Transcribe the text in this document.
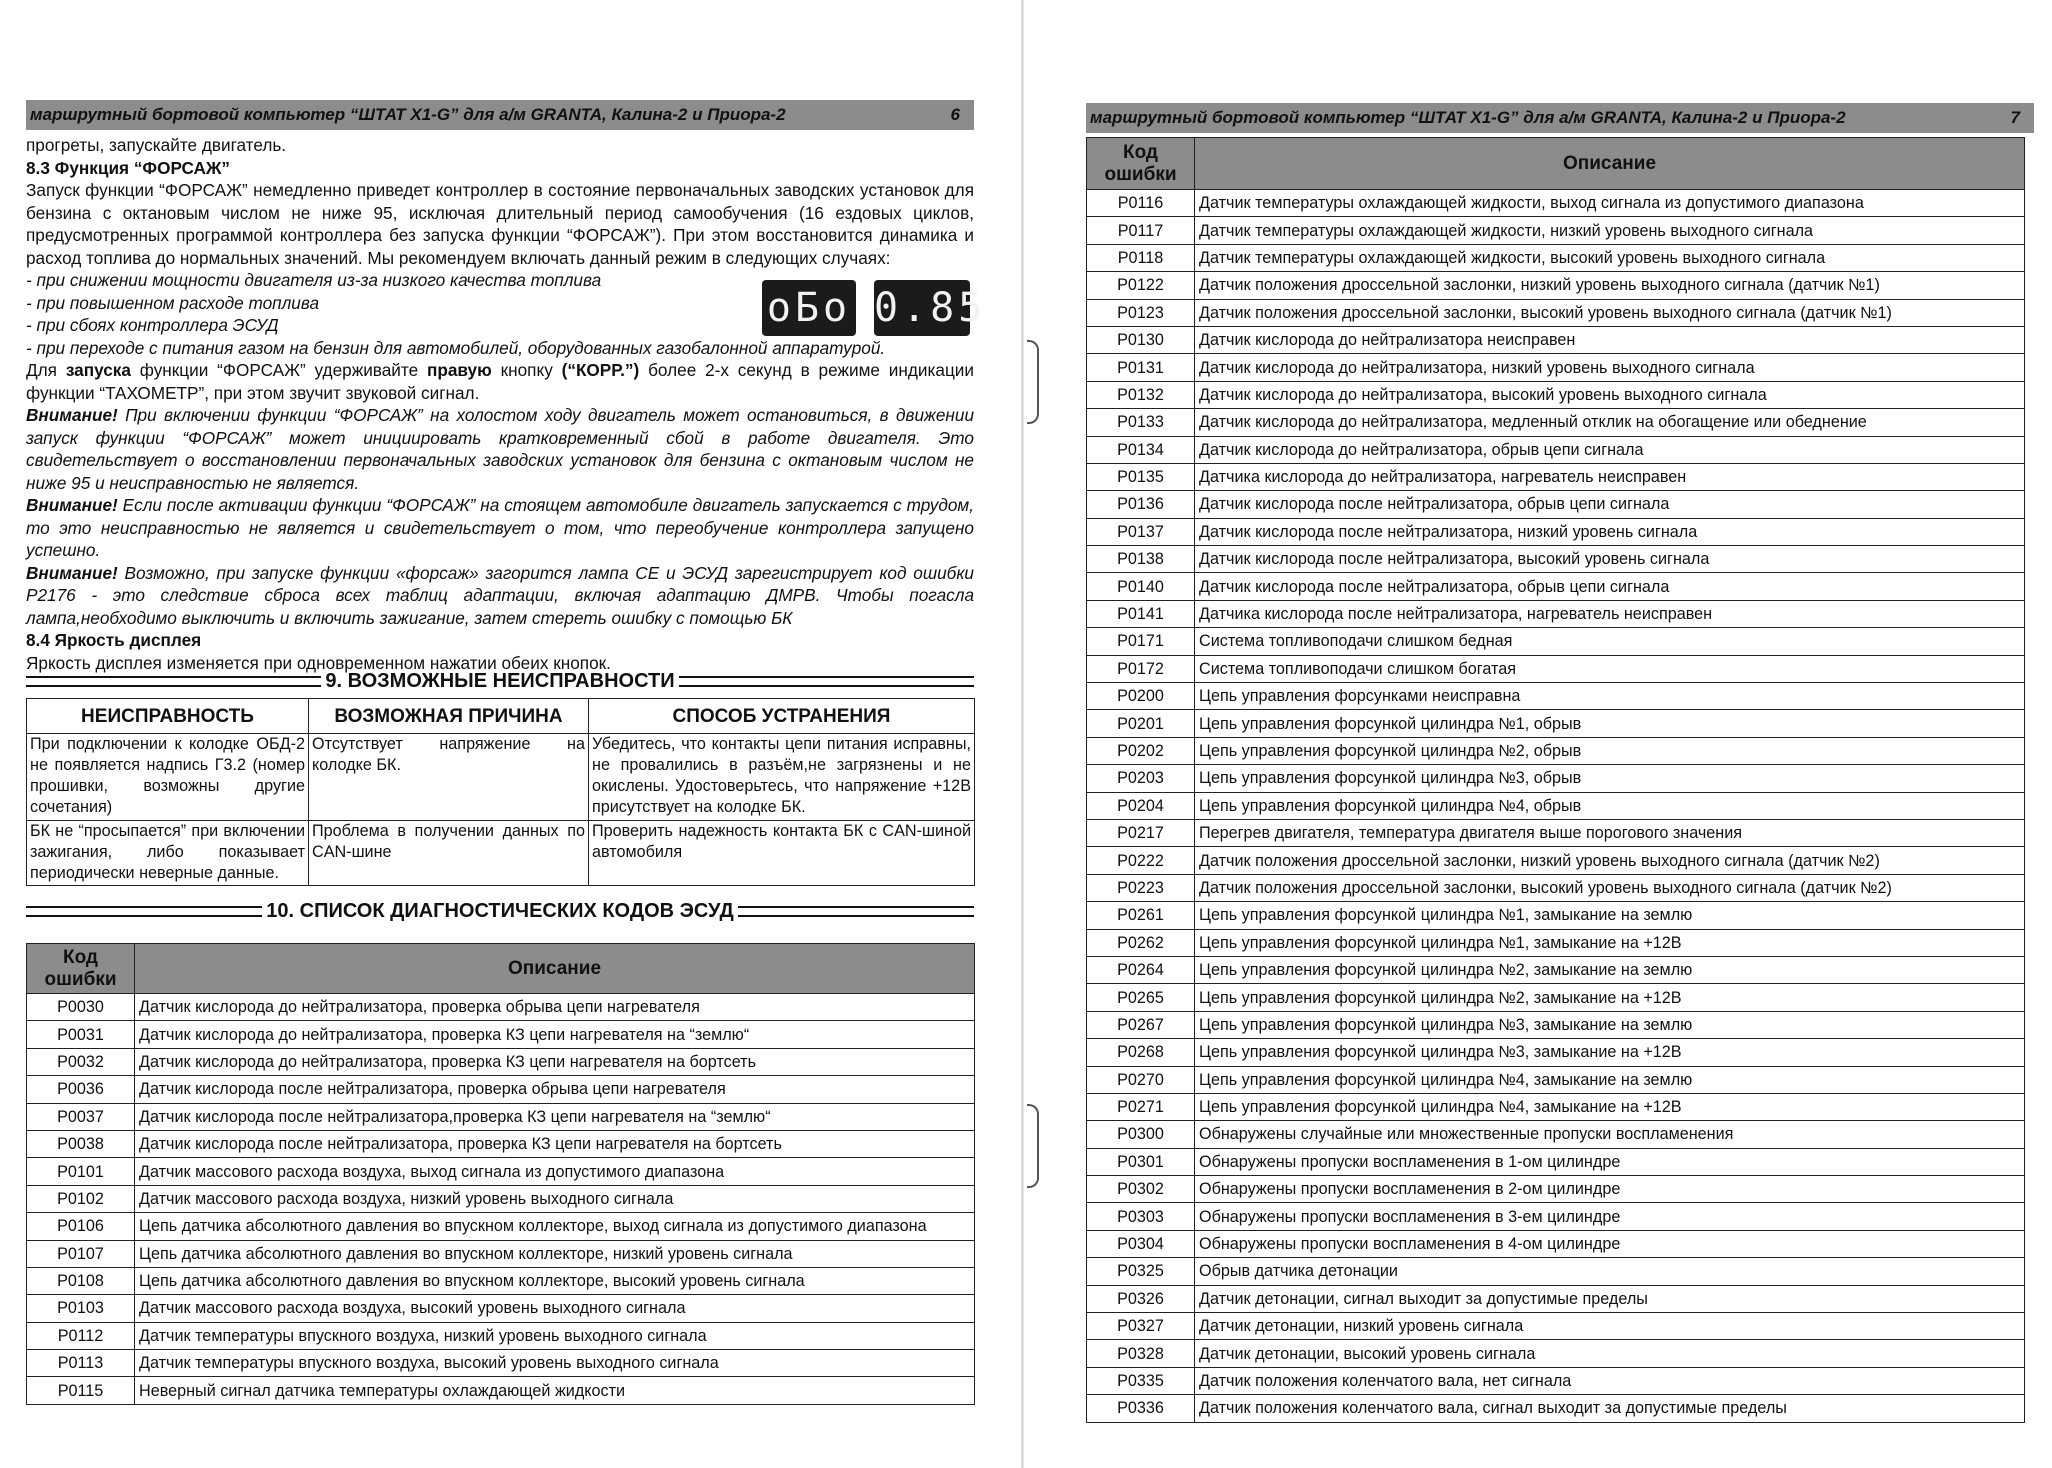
маршрутный бортовой компьютер “ШТАТ Х1-G” для а/м GRANTA, Калина-2 и Приора-2	6

прогреты, запускайте двигатель.

8.3 Функция “ФОРСАЖ”

Запуск функции “ФОРСАЖ” немедленно приведет контроллер в состояние первоначальных заводских установок для бензина с октановым числом не ниже 95, исключая длительный период самообучения (16 ездовых циклов, предусмотренных программой контроллера без запуска функции “ФОРСАЖ”). При этом восстановится динамика и расход топлива до нормальных значений. Мы рекомендуем включать данный режим в следующих случаях:

- при снижении мощности двигателя из-за низкого качества топлива

- при повышенном расходе топлива

- при сбоях контроллера ЭСУД

- при переходе с питания газом на бензин для автомобилей, оборудованных газобалонной аппаратурой.

Для запуска функции “ФОРСАЖ” удерживайте правую кнопку (“КОРР.”) более 2-х секунд в режиме индикации функции “ТАХОМЕТР”, при этом звучит звуковой сигнал.

Внимание! При включении функции “ФОРСАЖ” на холостом ходу двигатель может остановиться, в движении запуск функции “ФОРСАЖ” может инициировать кратковременный сбой в работе двигателя. Это свидетельствует о восстановлении первоначальных заводских установок для бензина с октановым числом не ниже 95 и неисправностью не является.

Внимание! Если после активации функции “ФОРСАЖ” на стоящем автомобиле двигатель запускается с трудом, то это неисправностью не является и свидетельствует о том, что переобучение контроллера запущено успешно.

Внимание! Возможно, при запуске функции «форсаж» загорится лампа CE и ЭСУД зарегистрирует код ошибки P2176 - это следствие сброса всех таблиц адаптации, включая адаптацию ДМРВ. Чтобы погасла лампа,необходимо выключить и включить зажигание, затем стереть ошибку с помощью БК

8.4 Яркость дисплея

Яркость дисплея изменяется при одновременном нажатии обеих кнопок.

оБо 0.85
9. ВОЗМОЖНЫЕ НЕИСПРАВНОСТИ
НЕИСПРАВНОСТЬ	ВОЗМОЖНАЯ ПРИЧИНА	СПОСОБ УСТРАНЕНИЯ
При подключении к колодке ОБД-2 не появляется надпись Г3.2 (номер прошивки, возможны другие сочетания)	Отсутствует напряжение на колодке БК.	Убедитесь, что контакты цепи питания исправны, не провалились в разъём,не загрязнены и не окислены. Удостоверьтесь, что напряжение +12В присутствует на колодке БК.
БК не “просыпается” при включении зажигания, либо показывает периодически неверные данные.	Проблема в получении данных по CAN-шине	Проверить надежность контакта БК с CAN-шиной автомобиля
10. СПИСОК ДИАГНОСТИЧЕСКИХ КОДОВ ЭСУД
Код ошибки	Описание
P0030	Датчик кислорода до нейтрализатора, проверка обрыва цепи нагревателя
P0031	Датчик кислорода до нейтрализатора, проверка КЗ цепи нагревателя на “землю“
P0032	Датчик кислорода до нейтрализатора, проверка КЗ цепи нагревателя на бортсеть
P0036	Датчик кислорода после нейтрализатора, проверка обрыва цепи нагревателя
P0037	Датчик кислорода после нейтрализатора,проверка КЗ цепи нагревателя на “землю“
P0038	Датчик кислорода после нейтрализатора, проверка КЗ цепи нагревателя на бортсеть
P0101	Датчик массового расхода воздуха, выход сигнала из допустимого диапазона
P0102	Датчик массового расхода воздуха, низкий уровень выходного сигнала
P0106	Цепь датчика абсолютного давления во впускном коллекторе, выход сигнала из допустимого диапазона
P0107	Цепь датчика абсолютного давления во впускном коллекторе, низкий уровень сигнала
P0108	Цепь датчика абсолютного давления во впускном коллекторе, высокий уровень сигнала
P0103	Датчик массового расхода воздуха, высокий уровень выходного сигнала
P0112	Датчик температуры впускного воздуха, низкий уровень выходного сигнала
P0113	Датчик температуры впускного воздуха, высокий уровень выходного сигнала
P0115	Неверный сигнал датчика температуры охлаждающей жидкости
маршрутный бортовой компьютер “ШТАТ Х1-G” для а/м GRANTA, Калина-2 и Приора-2	7
Код ошибки	Описание
P0116	Датчик температуры охлаждающей жидкости, выход сигнала из допустимого диапазона
P0117	Датчик температуры охлаждающей жидкости, низкий уровень выходного сигнала
P0118	Датчик температуры охлаждающей жидкости, высокий уровень выходного сигнала
P0122	Датчик положения дроссельной заслонки, низкий уровень выходного сигнала (датчик №1)
P0123	Датчик положения дроссельной заслонки, высокий уровень выходного сигнала (датчик №1)
P0130	Датчик кислорода до нейтрализатора неисправен
P0131	Датчик кислорода до нейтрализатора, низкий уровень выходного сигнала
P0132	Датчик кислорода до нейтрализатора, высокий уровень выходного сигнала
P0133	Датчик кислорода до нейтрализатора, медленный отклик на обогащение или обеднение
P0134	Датчик кислорода до нейтрализатора, обрыв цепи сигнала
P0135	Датчика кислорода до нейтрализатора, нагреватель неисправен
P0136	Датчик кислорода после нейтрализатора, обрыв цепи сигнала
P0137	Датчик кислорода после нейтрализатора, низкий уровень сигнала
P0138	Датчик кислорода после нейтрализатора, высокий уровень сигнала
P0140	Датчик кислорода после нейтрализатора, обрыв цепи сигнала
P0141	Датчика кислорода после нейтрализатора, нагреватель неисправен
P0171	Система топливоподачи слишком бедная
P0172	Система топливоподачи слишком богатая
P0200	Цепь управления форсунками неисправна
P0201	Цепь управления форсункой цилиндра №1, обрыв
P0202	Цепь управления форсункой цилиндра №2, обрыв
P0203	Цепь управления форсункой цилиндра №3, обрыв
P0204	Цепь управления форсункой цилиндра №4, обрыв
P0217	Перегрев двигателя, температура двигателя выше порогового значения
P0222	Датчик положения дроссельной заслонки, низкий уровень выходного сигнала (датчик №2)
P0223	Датчик положения дроссельной заслонки, высокий уровень выходного сигнала (датчик №2)
P0261	Цепь управления форсункой цилиндра №1, замыкание на землю
P0262	Цепь управления форсункой цилиндра №1, замыкание на +12В
P0264	Цепь управления форсункой цилиндра №2, замыкание на землю
P0265	Цепь управления форсункой цилиндра №2, замыкание на +12В
P0267	Цепь управления форсункой цилиндра №3, замыкание на землю
P0268	Цепь управления форсункой цилиндра №3, замыкание на +12В
P0270	Цепь управления форсункой цилиндра №4, замыкание на землю
P0271	Цепь управления форсункой цилиндра №4, замыкание на +12В
P0300	Обнаружены случайные или множественные пропуски воспламенения
P0301	Обнаружены пропуски воспламенения в 1-ом цилиндре
P0302	Обнаружены пропуски воспламенения в 2-ом цилиндре
P0303	Обнаружены пропуски воспламенения в 3-ем цилиндре
P0304	Обнаружены пропуски воспламенения в 4-ом цилиндре
P0325	Обрыв датчика детонации
P0326	Датчик детонации, сигнал выходит за допустимые пределы
P0327	Датчик детонации, низкий уровень сигнала
P0328	Датчик детонации, высокий уровень сигнала
P0335	Датчик положения коленчатого вала, нет сигнала
P0336	Датчик положения коленчатого вала, сигнал выходит за допустимые пределы
